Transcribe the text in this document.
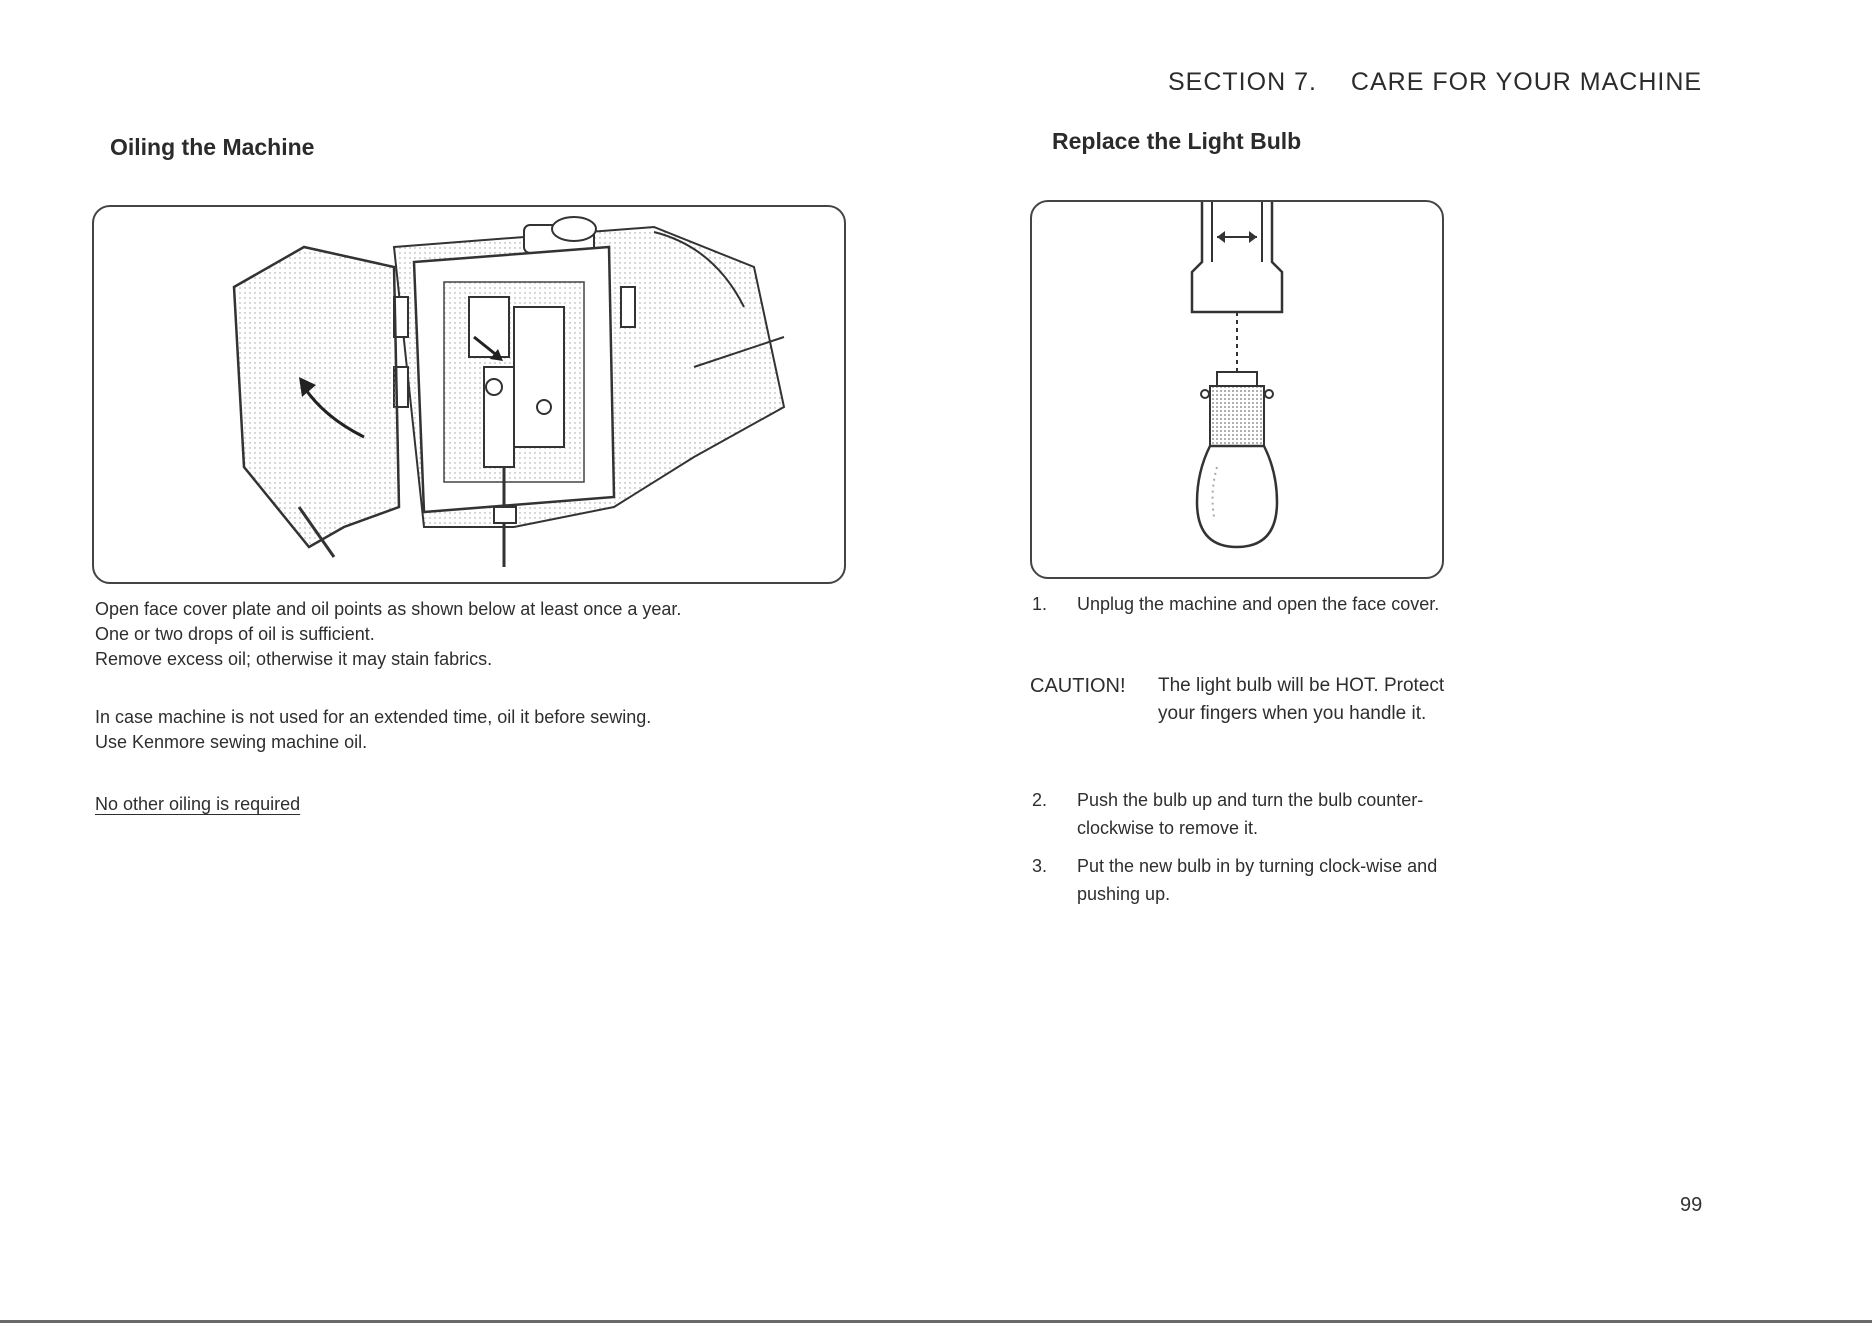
SECTION 7. CARE FOR YOUR MACHINE
Oiling the Machine

Open face cover plate and oil points as shown below at least once a year.

One or two drops of oil is sufficient.

Remove excess oil; otherwise it may stain fabrics.

In case machine is not used for an extended time, oil it before sewing.

Use Kenmore sewing machine oil.

No other oiling is required
Replace the Light Bulb
1. Unplug the machine and open the face cover.
CAUTION! The light bulb will be HOT. Protect your fingers when you handle it.
2. Push the bulb up and turn the bulb counter-clockwise to remove it.
3. Put the new bulb in by turning clock-wise and pushing up.
99
